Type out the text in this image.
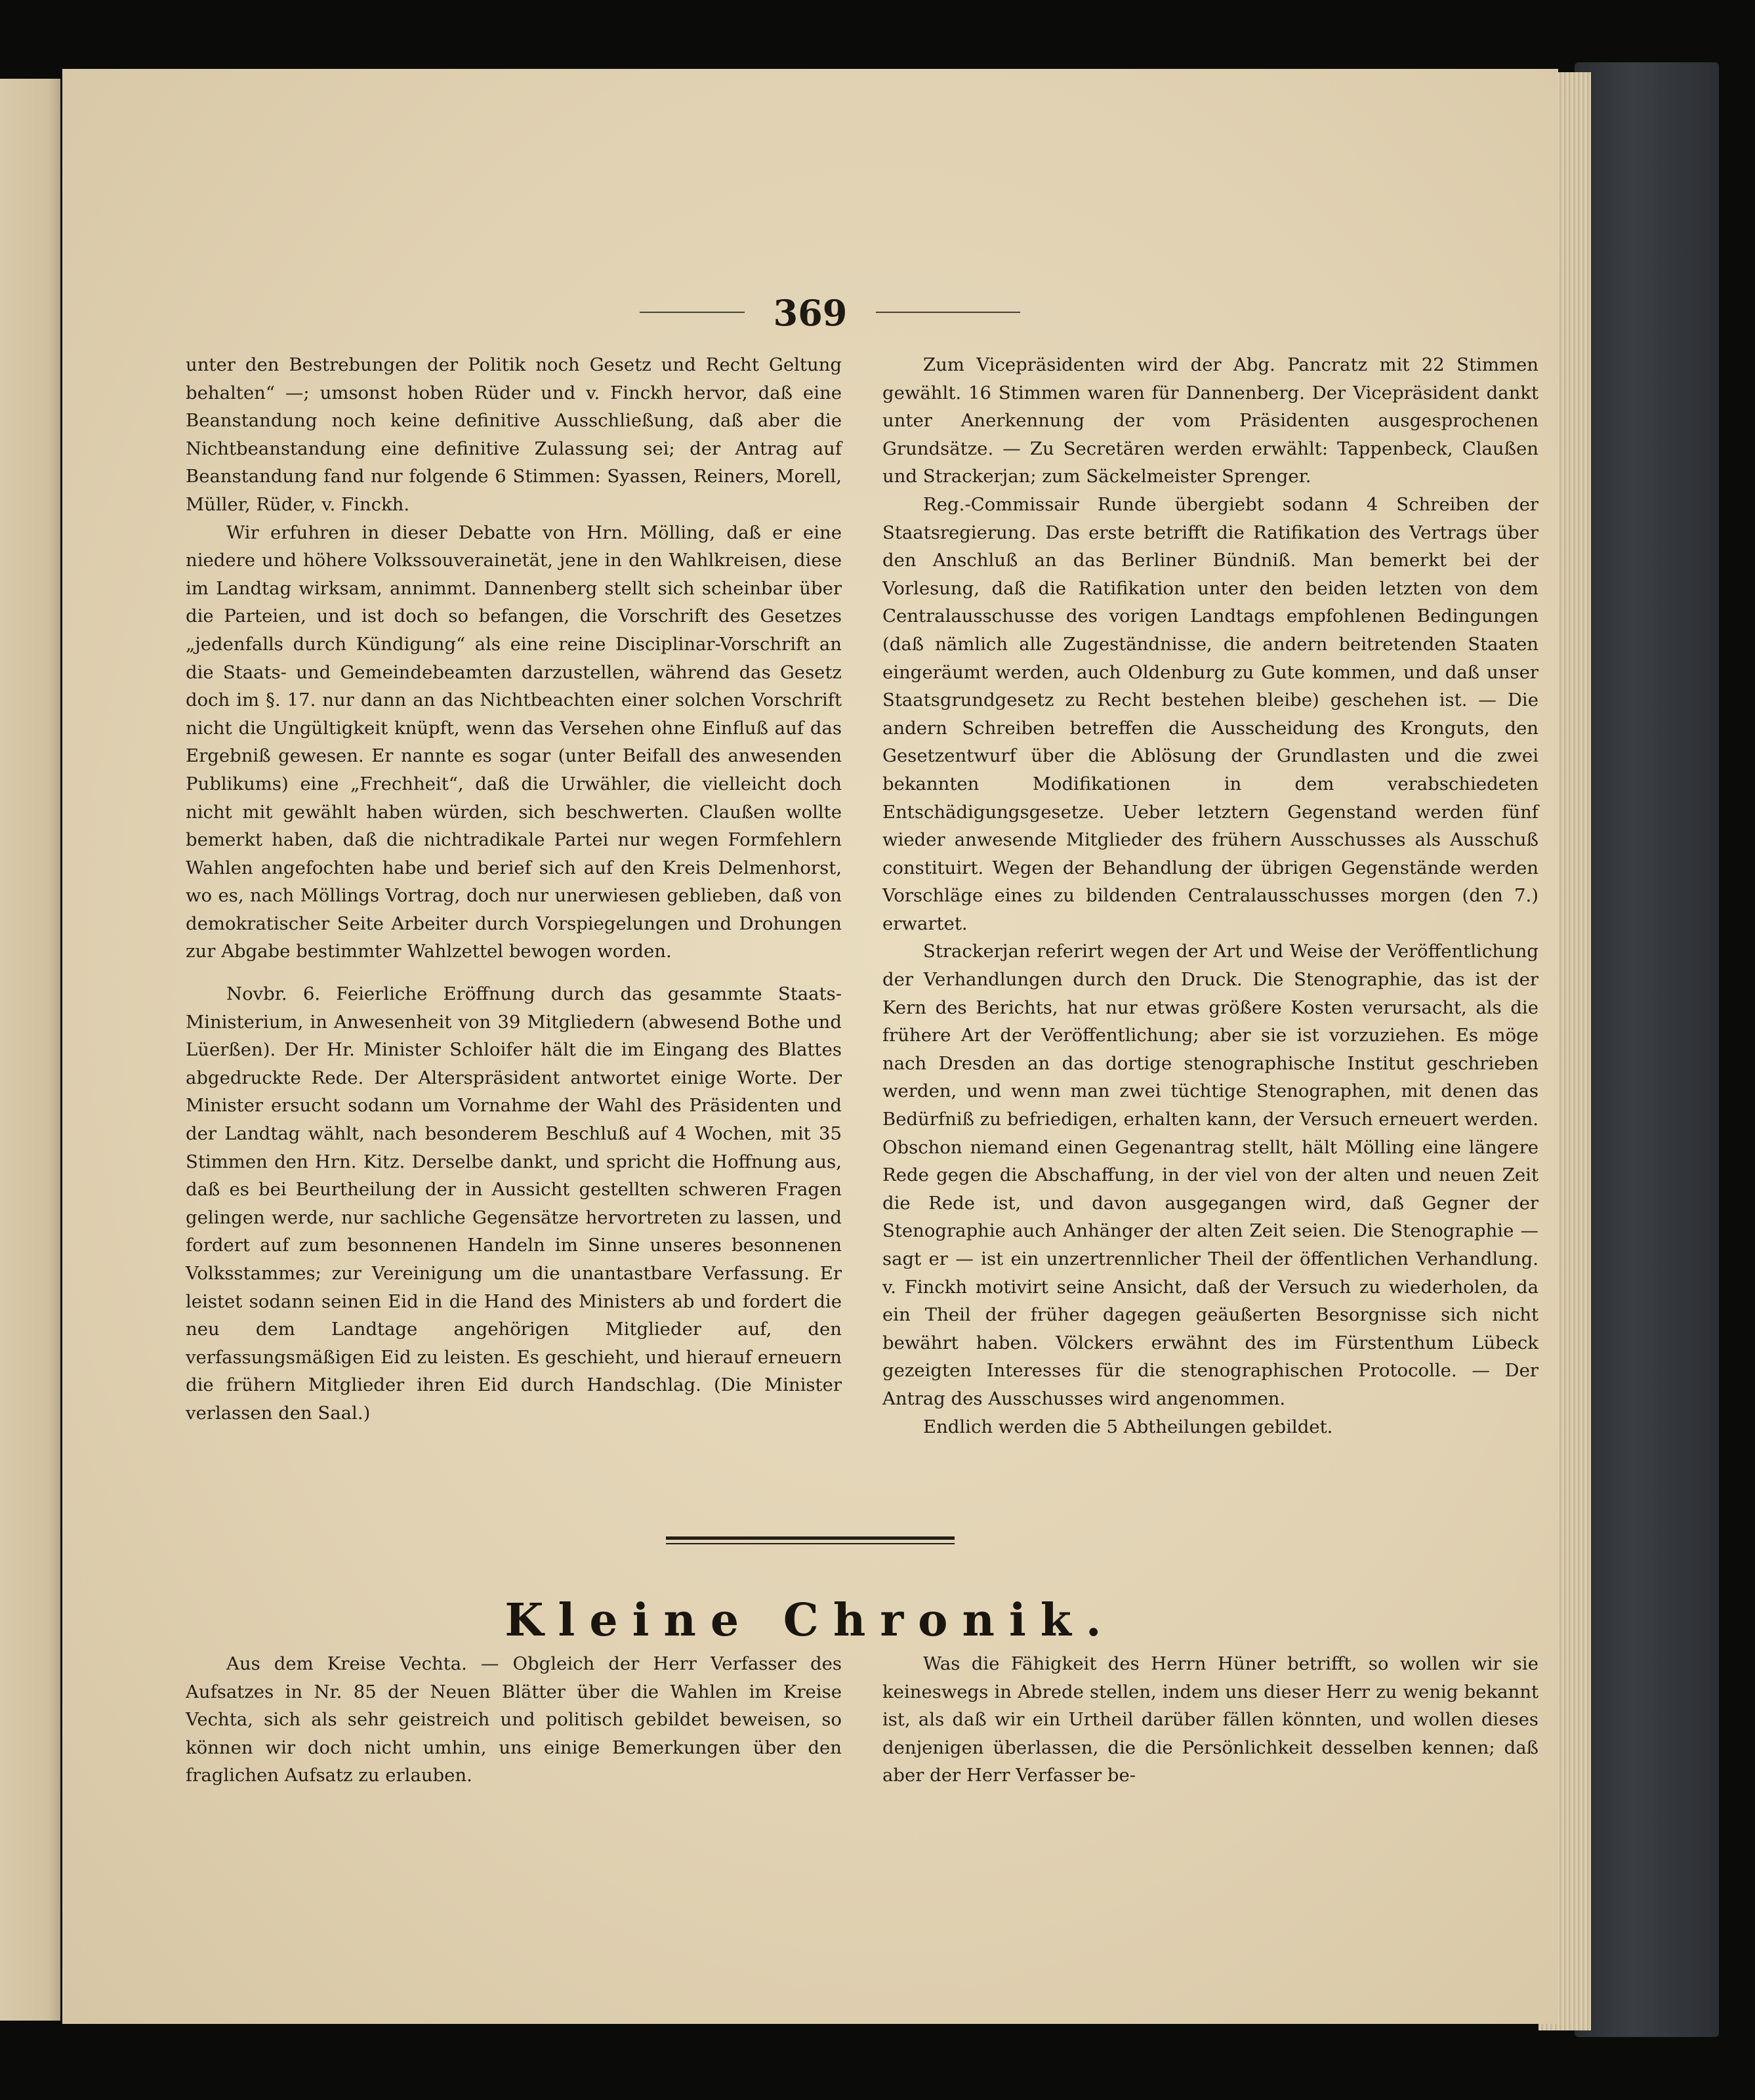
369

unter den Bestrebungen der Politik noch Gesetz und Recht Geltung behalten“ —; umsonst hoben Rüder und v. Finckh hervor, daß eine Beanstandung noch keine definitive Ausschließung, daß aber die Nichtbeanstandung eine definitive Zulassung sei; der Antrag auf Beanstandung fand nur folgende 6 Stimmen: Syassen, Reiners, Morell, Müller, Rüder, v. Finckh.

Wir erfuhren in dieser Debatte von Hrn. Mölling, daß er eine niedere und höhere Volkssouverainetät, jene in den Wahlkreisen, diese im Landtag wirksam, annimmt. Dannenberg stellt sich scheinbar über die Parteien, und ist doch so befangen, die Vorschrift des Gesetzes „jedenfalls durch Kündigung“ als eine reine Disciplinar-Vorschrift an die Staats- und Gemeindebeamten darzustellen, während das Gesetz doch im §. 17. nur dann an das Nichtbeachten einer solchen Vorschrift nicht die Ungültigkeit knüpft, wenn das Versehen ohne Einfluß auf das Ergebniß gewesen. Er nannte es sogar (unter Beifall des anwesenden Publikums) eine „Frechheit“, daß die Urwähler, die vielleicht doch nicht mit gewählt haben würden, sich beschwerten. Claußen wollte bemerkt haben, daß die nichtradikale Partei nur wegen Formfehlern Wahlen angefochten habe und berief sich auf den Kreis Delmenhorst, wo es, nach Möllings Vortrag, doch nur unerwiesen geblieben, daß von demokratischer Seite Arbeiter durch Vorspiegelungen und Drohungen zur Abgabe bestimmter Wahlzettel bewogen worden.

Novbr. 6. Feierliche Eröffnung durch das gesammte Staats-Ministerium, in Anwesenheit von 39 Mitgliedern (abwesend Bothe und Lüerßen). Der Hr. Minister Schloifer hält die im Eingang des Blattes abgedruckte Rede. Der Alterspräsident antwortet einige Worte. Der Minister ersucht sodann um Vornahme der Wahl des Präsidenten und der Landtag wählt, nach besonderem Beschluß auf 4 Wochen, mit 35 Stimmen den Hrn. Kitz. Derselbe dankt, und spricht die Hoffnung aus, daß es bei Beurtheilung der in Aussicht gestellten schweren Fragen gelingen werde, nur sachliche Gegensätze hervortreten zu lassen, und fordert auf zum besonnenen Handeln im Sinne unseres besonnenen Volksstammes; zur Vereinigung um die unantastbare Verfassung. Er leistet sodann seinen Eid in die Hand des Ministers ab und fordert die neu dem Landtage angehörigen Mitglieder auf, den verfassungsmäßigen Eid zu leisten. Es geschieht, und hierauf erneuern die frühern Mitglieder ihren Eid durch Handschlag. (Die Minister verlassen den Saal.)

Zum Vicepräsidenten wird der Abg. Pancratz mit 22 Stimmen gewählt. 16 Stimmen waren für Dannenberg. Der Vicepräsident dankt unter Anerkennung der vom Präsidenten ausgesprochenen Grundsätze. — Zu Secretären werden erwählt: Tappenbeck, Claußen und Strackerjan; zum Säckelmeister Sprenger.

Reg.-Commissair Runde übergiebt sodann 4 Schreiben der Staatsregierung. Das erste betrifft die Ratifikation des Vertrags über den Anschluß an das Berliner Bündniß. Man bemerkt bei der Vorlesung, daß die Ratifikation unter den beiden letzten von dem Centralausschusse des vorigen Landtags empfohlenen Bedingungen (daß nämlich alle Zugeständnisse, die andern beitretenden Staaten eingeräumt werden, auch Oldenburg zu Gute kommen, und daß unser Staatsgrundgesetz zu Recht bestehen bleibe) geschehen ist. — Die andern Schreiben betreffen die Ausscheidung des Kronguts, den Gesetzentwurf über die Ablösung der Grundlasten und die zwei bekannten Modifikationen in dem verabschiedeten Entschädigungsgesetze. Ueber letztern Gegenstand werden fünf wieder anwesende Mitglieder des frühern Ausschusses als Ausschuß constituirt. Wegen der Behandlung der übrigen Gegenstände werden Vorschläge eines zu bildenden Centralausschusses morgen (den 7.) erwartet.

Strackerjan referirt wegen der Art und Weise der Veröffentlichung der Verhandlungen durch den Druck. Die Stenographie, das ist der Kern des Berichts, hat nur etwas größere Kosten verursacht, als die frühere Art der Veröffentlichung; aber sie ist vorzuziehen. Es möge nach Dresden an das dortige stenographische Institut geschrieben werden, und wenn man zwei tüchtige Stenographen, mit denen das Bedürfniß zu befriedigen, erhalten kann, der Versuch erneuert werden. Obschon niemand einen Gegenantrag stellt, hält Mölling eine längere Rede gegen die Abschaffung, in der viel von der alten und neuen Zeit die Rede ist, und davon ausgegangen wird, daß Gegner der Stenographie auch Anhänger der alten Zeit seien. Die Stenographie — sagt er — ist ein unzertrennlicher Theil der öffentlichen Verhandlung. v. Finckh motivirt seine Ansicht, daß der Versuch zu wiederholen, da ein Theil der früher dagegen geäußerten Besorgnisse sich nicht bewährt haben. Völckers erwähnt des im Fürstenthum Lübeck gezeigten Interesses für die stenographischen Protocolle. — Der Antrag des Ausschusses wird angenommen.

Endlich werden die 5 Abtheilungen gebildet.

Kleine Chronik.

Aus dem Kreise Vechta. — Obgleich der Herr Verfasser des Aufsatzes in Nr. 85 der Neuen Blätter über die Wahlen im Kreise Vechta, sich als sehr geistreich und politisch gebildet beweisen, so können wir doch nicht umhin, uns einige Bemerkungen über den fraglichen Aufsatz zu erlauben.

Was die Fähigkeit des Herrn Hüner betrifft, so wollen wir sie keineswegs in Abrede stellen, indem uns dieser Herr zu wenig bekannt ist, als daß wir ein Urtheil darüber fällen könnten, und wollen dieses denjenigen überlassen, die die Persönlichkeit desselben kennen; daß aber der Herr Verfasser be-
